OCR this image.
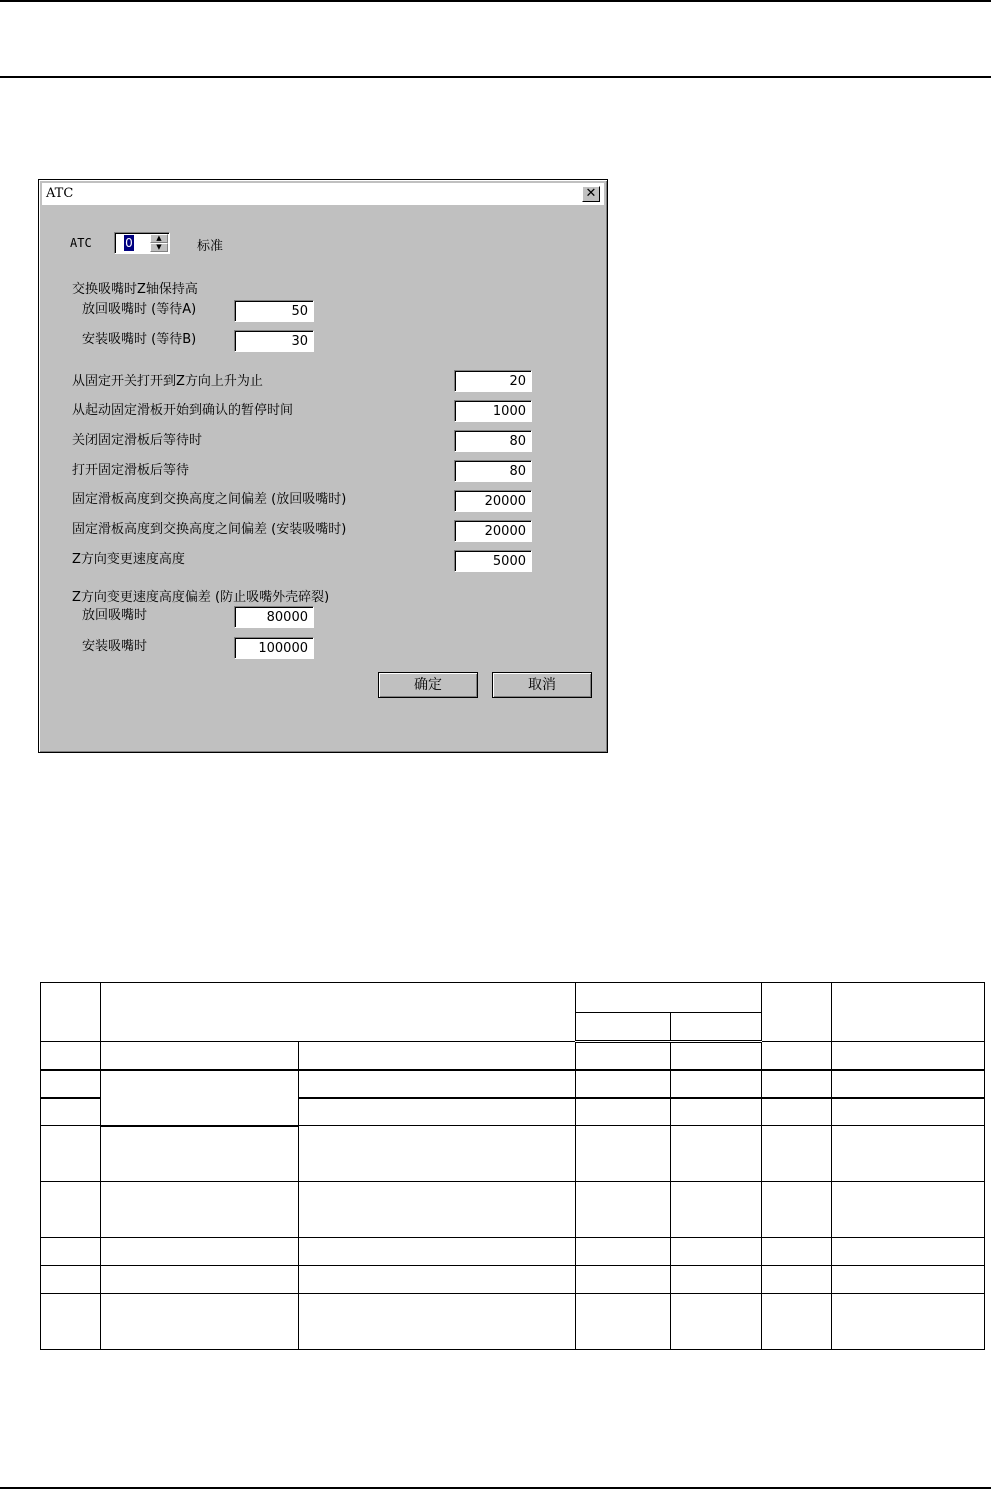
ATC	✕
ATC	0	▲
▼	标准
交换吸嘴时Z轴保持高
放回吸嘴时 (等待A)	50
安装吸嘴时 (等待B)	30
从固定开关打开到Z方向上升为止	20
从起动固定滑板开始到确认的暂停时间	1000
关闭固定滑板后等待时	80
打开固定滑板后等待	80
固定滑板高度到交换高度之间偏差 (放回吸嘴时)	20000
固定滑板高度到交换高度之间偏差 (安装吸嘴时)	20000
Z方向变更速度高度	5000
Z方向变更速度高度偏差 (防止吸嘴外壳碎裂)
放回吸嘴时	80000
安装吸嘴时	100000
确定	取消
